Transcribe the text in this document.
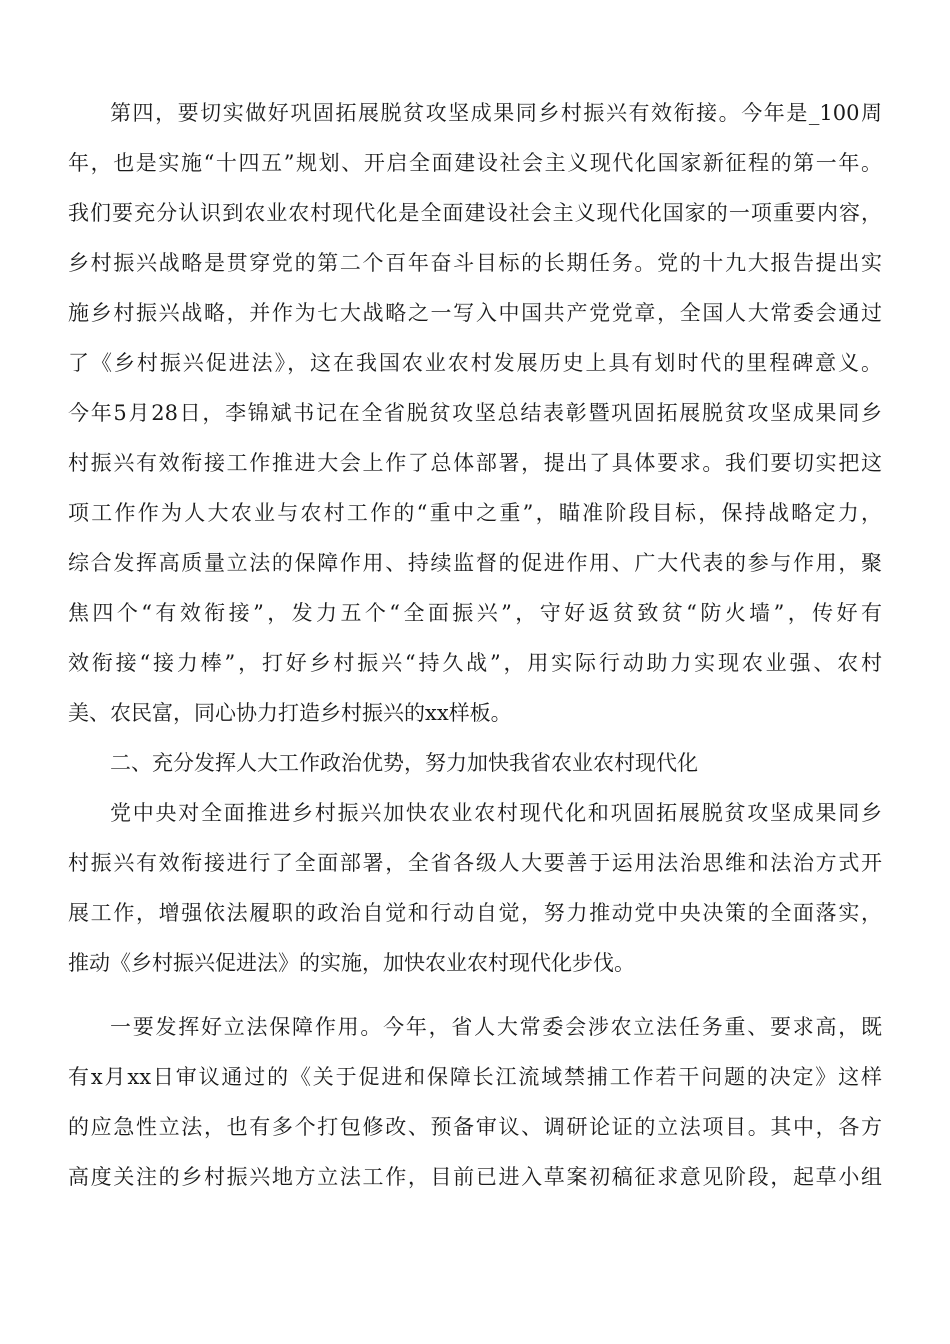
第四，要切实做好巩固拓展脱贫攻坚成果同乡村振兴有效衔接。今年是_100周
年，也是实施“十四五”规划、开启全面建设社会主义现代化国家新征程的第一年。
我们要充分认识到农业农村现代化是全面建设社会主义现代化国家的一项重要内容，
乡村振兴战略是贯穿党的第二个百年奋斗目标的长期任务。党的十九大报告提出实
施乡村振兴战略，并作为七大战略之一写入中国共产党党章，全国人大常委会通过
了《乡村振兴促进法》，这在我国农业农村发展历史上具有划时代的里程碑意义。
今年5月28日，李锦斌书记在全省脱贫攻坚总结表彰暨巩固拓展脱贫攻坚成果同乡
村振兴有效衔接工作推进大会上作了总体部署，提出了具体要求。我们要切实把这
项工作作为人大农业与农村工作的“重中之重”，瞄准阶段目标，保持战略定力，
综合发挥高质量立法的保障作用、持续监督的促进作用、广大代表的参与作用，聚
焦四个“有效衔接”，发力五个“全面振兴”，守好返贫致贫“防火墙”，传好有
效衔接“接力棒”，打好乡村振兴“持久战”，用实际行动助力实现农业强、农村
美、农民富，同心协力打造乡村振兴的xx样板。
二、充分发挥人大工作政治优势，努力加快我省农业农村现代化
党中央对全面推进乡村振兴加快农业农村现代化和巩固拓展脱贫攻坚成果同乡
村振兴有效衔接进行了全面部署，全省各级人大要善于运用法治思维和法治方式开
展工作，增强依法履职的政治自觉和行动自觉，努力推动党中央决策的全面落实，
推动《乡村振兴促进法》的实施，加快农业农村现代化步伐。
一要发挥好立法保障作用。今年，省人大常委会涉农立法任务重、要求高，既
有x月xx日审议通过的《关于促进和保障长江流域禁捕工作若干问题的决定》这样
的应急性立法，也有多个打包修改、预备审议、调研论证的立法项目。其中，各方
高度关注的乡村振兴地方立法工作，目前已进入草案初稿征求意见阶段，起草小组
